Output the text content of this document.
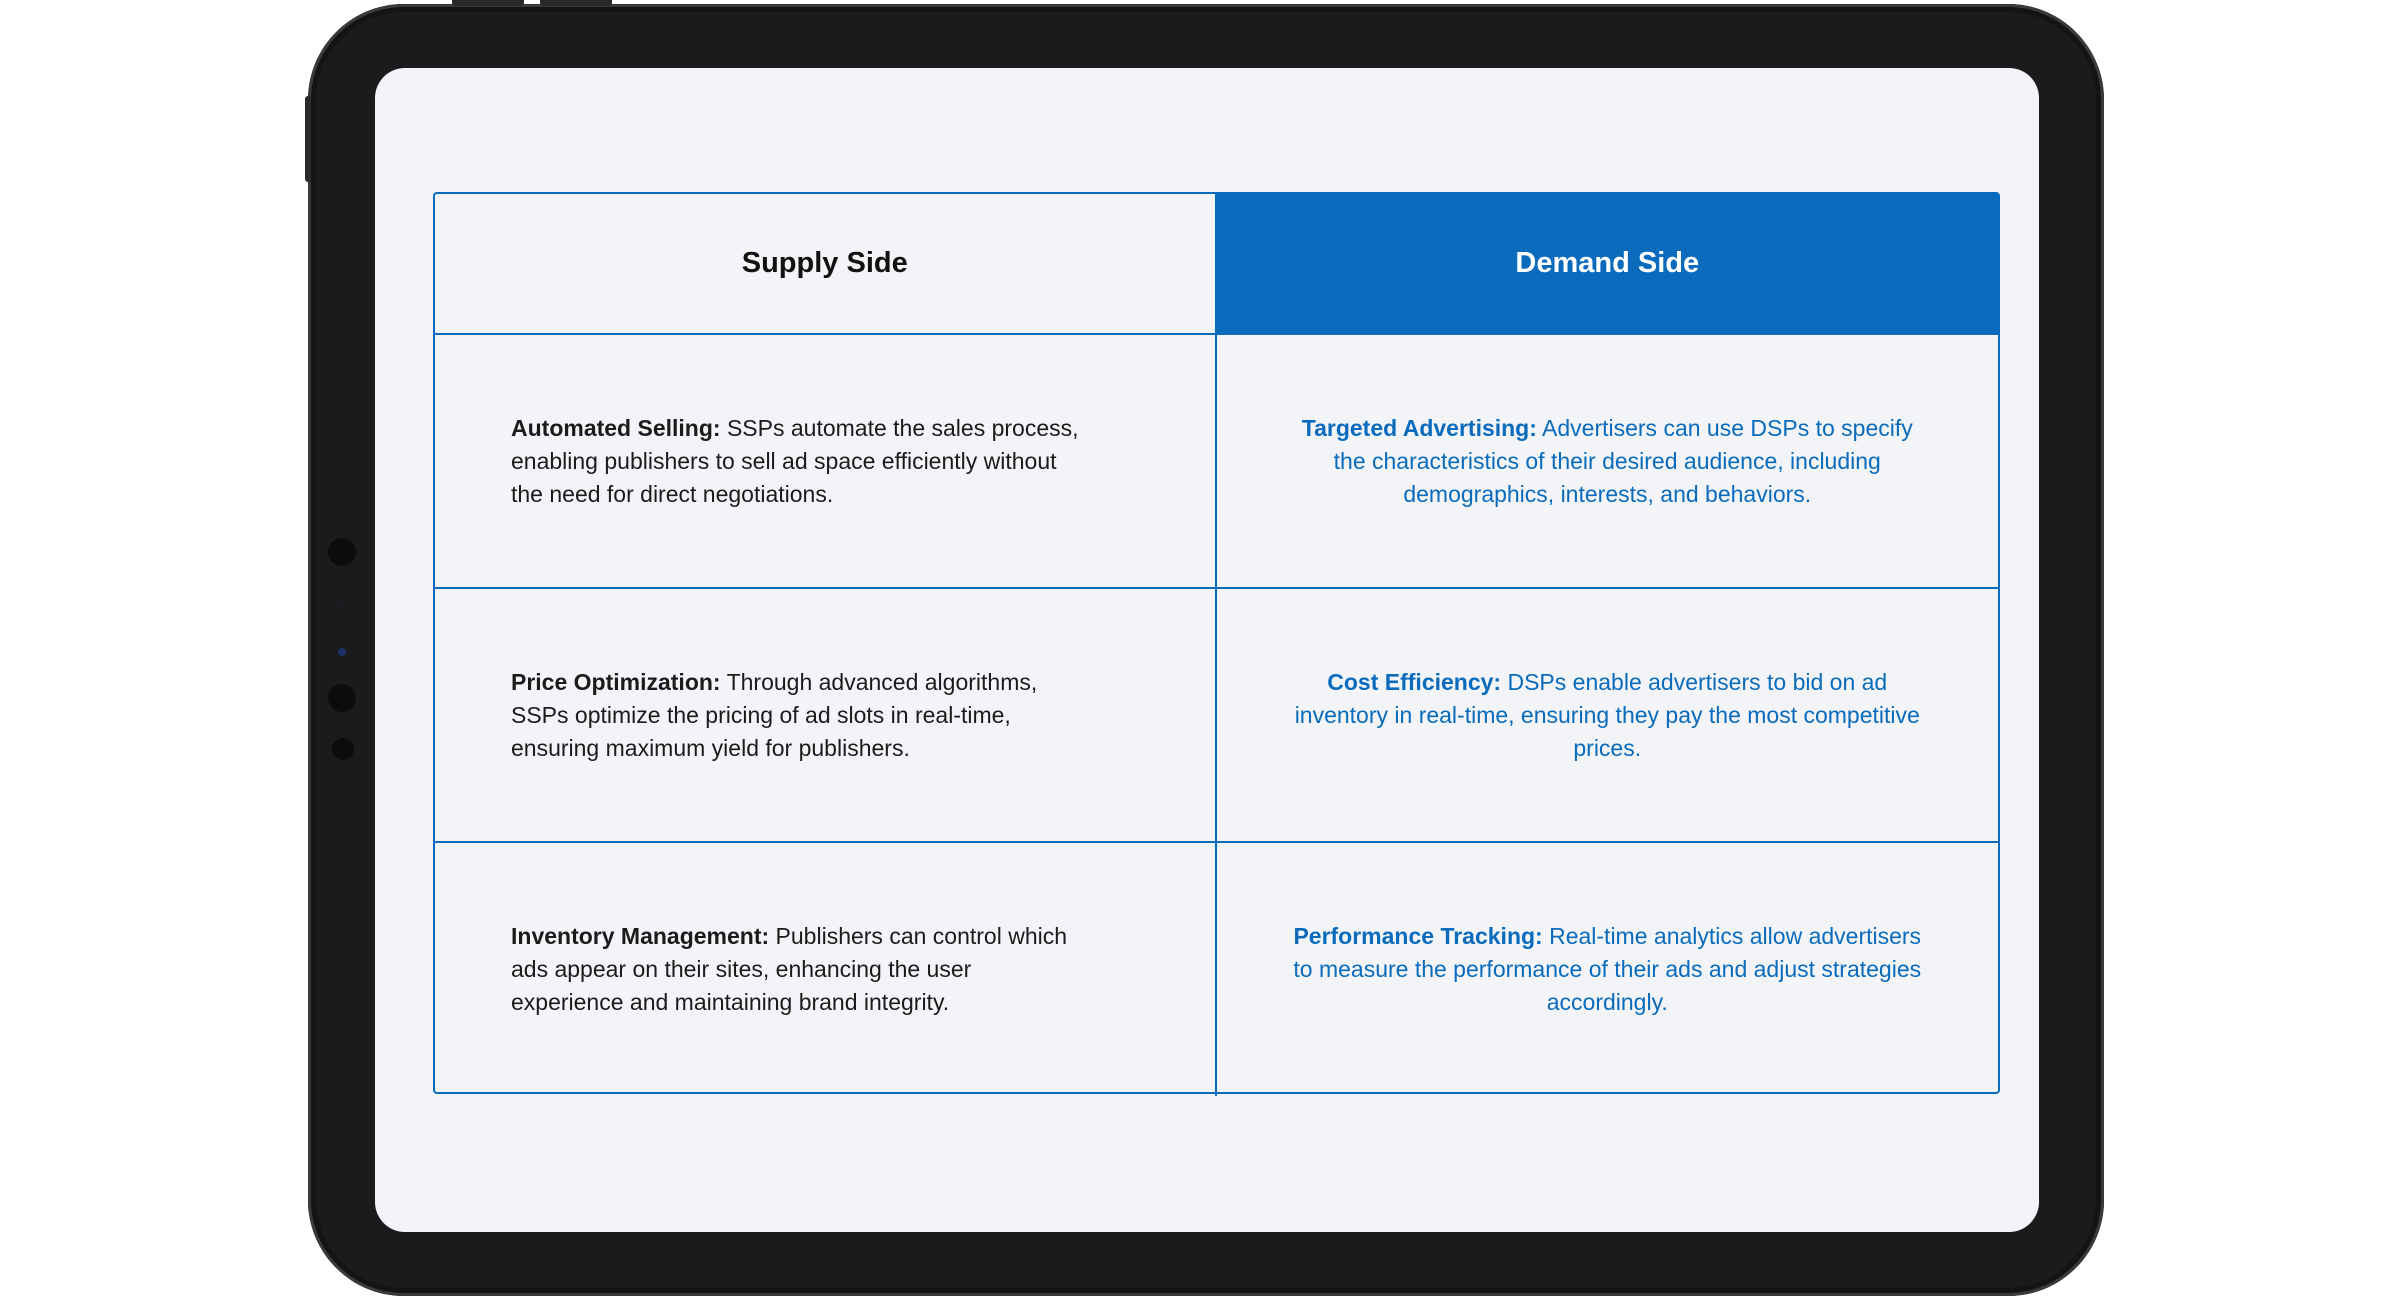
Supply Side	Demand Side
Automated Selling: SSPs automate the sales process, enabling publishers to sell ad space efficiently without the need for direct negotiations.
Targeted Advertising: Advertisers can use DSPs to specify the characteristics of their desired audience, including demographics, interests, and behaviors.
Price Optimization: Through advanced algorithms, SSPs optimize the pricing of ad slots in real-time, ensuring maximum yield for publishers.
Cost Efficiency: DSPs enable advertisers to bid on ad inventory in real-time, ensuring they pay the most competitive prices.
Inventory Management: Publishers can control which ads appear on their sites, enhancing the user experience and maintaining brand integrity.
Performance Tracking: Real-time analytics allow advertisers to measure the performance of their ads and adjust strategies accordingly.
